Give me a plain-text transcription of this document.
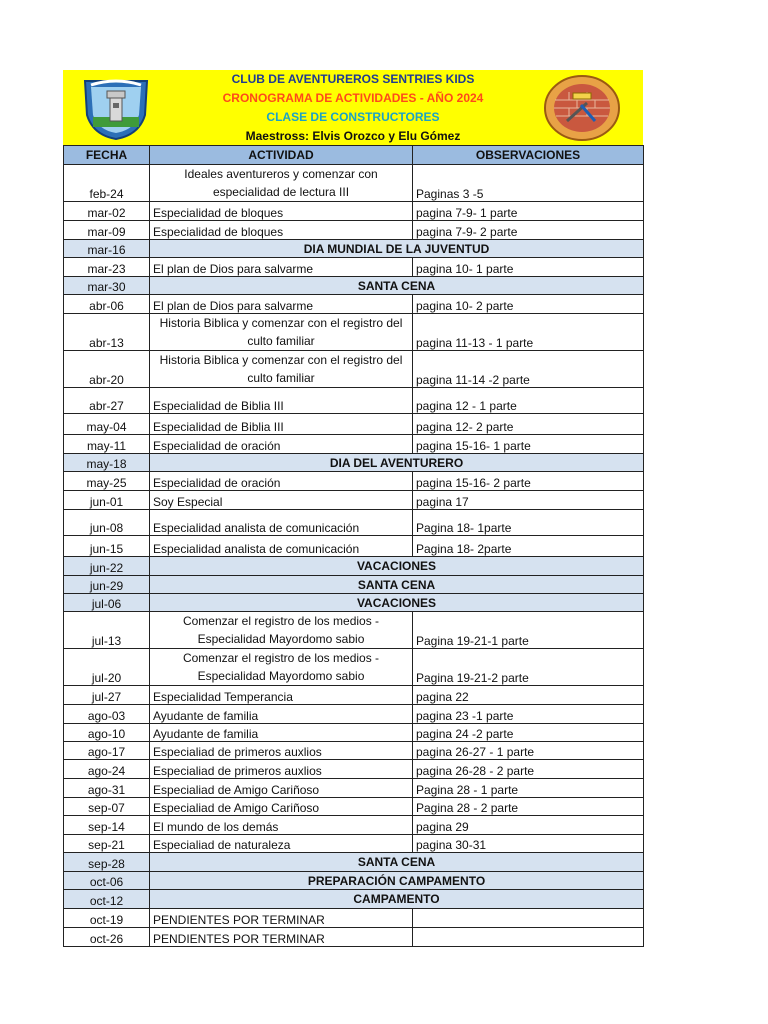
CLUB DE AVENTUREROS SENTRIES KIDS
CRONOGRAMA DE ACTIVIDADES - AÑO 2024
CLASE DE CONSTRUCTORES
Maestross: Elvis Orozco y Elu Gómez
FECHA	ACTIVIDAD	OBSERVACIONES
feb-24	Ideales aventureros y comenzar con especialidad de lectura III	Paginas 3 -5
mar-02	Especialidad de bloques	pagina 7-9- 1 parte
mar-09	Especialidad de bloques	pagina 7-9- 2 parte
mar-16	DIA MUNDIAL DE LA JUVENTUD	
mar-23	El plan de Dios para salvarme	pagina 10- 1 parte
mar-30	SANTA CENA	
abr-06	El plan de Dios para salvarme	pagina 10- 2 parte
abr-13	Historia Biblica y comenzar con el registro del culto familiar	pagina 11-13 - 1 parte
abr-20	Historia Biblica y comenzar con el registro del culto familiar	pagina 11-14 -2 parte
abr-27	Especialidad de Biblia III	pagina 12 - 1 parte
may-04	Especialidad de Biblia III	pagina 12- 2 parte
may-11	Especialidad de oración	pagina 15-16- 1 parte
may-18	DIA DEL AVENTURERO	
may-25	Especialidad de oración	pagina 15-16- 2 parte
jun-01	Soy Especial	pagina 17
jun-08	Especialidad analista de comunicación	Pagina 18- 1parte
jun-15	Especialidad analista de comunicación	Pagina 18- 2parte
jun-22	VACACIONES	
jun-29	SANTA CENA	
jul-06	VACACIONES	
jul-13	Comenzar el registro de los medios - Especialidad Mayordomo sabio	Pagina 19-21-1 parte
jul-20	Comenzar el registro de los medios - Especialidad Mayordomo sabio	Pagina 19-21-2 parte
jul-27	Especialidad Temperancia	pagina 22
ago-03	Ayudante de familia	pagina 23 -1 parte
ago-10	Ayudante de familia	pagina 24 -2 parte
ago-17	Especialiad de primeros auxlios	pagina 26-27 - 1 parte
ago-24	Especialiad de primeros auxlios	pagina 26-28 - 2 parte
ago-31	Especialiad de Amigo Cariñoso	Pagina 28 - 1 parte
sep-07	Especialiad de Amigo Cariñoso	Pagina 28 - 2 parte
sep-14	El mundo de los demás	pagina 29
sep-21	Especialiad de naturaleza	pagina 30-31
sep-28	SANTA CENA	
oct-06	PREPARACIÓN CAMPAMENTO	
oct-12	CAMPAMENTO	
oct-19	PENDIENTES POR TERMINAR	
oct-26	PENDIENTES POR TERMINAR	
